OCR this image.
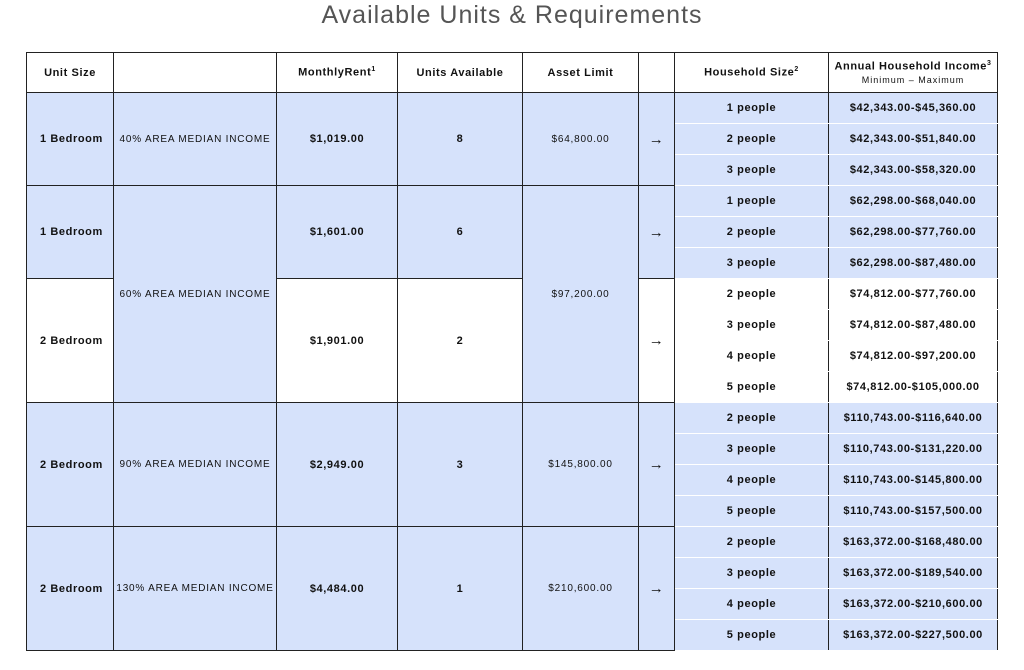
Available Units & Requirements
Unit Size		MonthlyRent$^1$	Units Available	Asset Limit		Household Size$^2$	Annual Household Income$^3$
Minimum – Maximum

1 Bedroom	40% AREA MEDIAN INCOME	$1,019.00	8	$64,800.00	→	1 people	$42,343.00-$45,360.00
						2 people	$42,343.00-$51,840.00
						3 people	$42,343.00-$58,320.00
1 Bedroom	60% AREA MEDIAN INCOME	$1,601.00	6	$97,200.00	→	1 people	$62,298.00-$68,040.00
						2 people	$62,298.00-$77,760.00
						3 people	$62,298.00-$87,480.00
2 Bedroom		$1,901.00	2		→	2 people	$74,812.00-$77,760.00
						3 people	$74,812.00-$87,480.00
						4 people	$74,812.00-$97,200.00
						5 people	$74,812.00-$105,000.00
2 Bedroom	90% AREA MEDIAN INCOME	$2,949.00	3	$145,800.00	→	2 people	$110,743.00-$116,640.00
						3 people	$110,743.00-$131,220.00
						4 people	$110,743.00-$145,800.00
						5 people	$110,743.00-$157,500.00
2 Bedroom	130% AREA MEDIAN INCOME	$4,484.00	1	$210,600.00	→	2 people	$163,372.00-$168,480.00
						3 people	$163,372.00-$189,540.00
						4 people	$163,372.00-$210,600.00
						5 people	$163,372.00-$227,500.00
